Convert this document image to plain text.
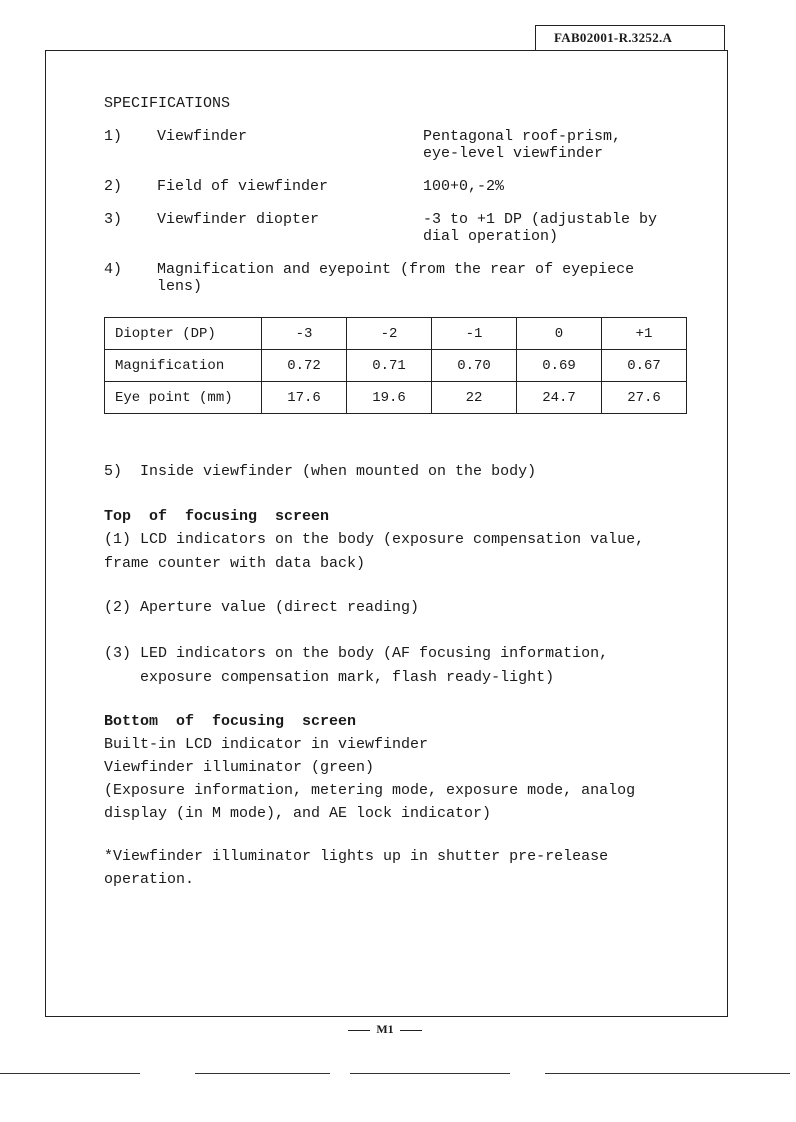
FAB02001-R.3252.A
SPECIFICATIONS
1) Viewfinder	Pentagonal roof-prism,
eye-level viewfinder
2) Field of viewfinder	100+0,-2%
3) Viewfinder diopter	-3 to +1 DP (adjustable by
dial operation)
4) Magnification and eyepoint (from the rear of eyepiece
lens)
Diopter (DP)	-3	-2	-1	0	+1
Magnification	0.72	0.71	0.70	0.69	0.67
Eye point (mm)	17.6	19.6	22	24.7	27.6
5)  Inside viewfinder (when mounted on the body)
Top  of  focusing  screen
(1) LCD indicators on the body (exposure compensation value,
frame counter with data back)
(2) Aperture value (direct reading)
(3) LED indicators on the body (AF focusing information,
exposure compensation mark, flash ready-light)
Bottom  of  focusing  screen
Built-in LCD indicator in viewfinder
Viewfinder illuminator (green)
(Exposure information, metering mode, exposure mode, analog
display (in M mode), and AE lock indicator)
*Viewfinder illuminator lights up in shutter pre-release
operation.
M1
